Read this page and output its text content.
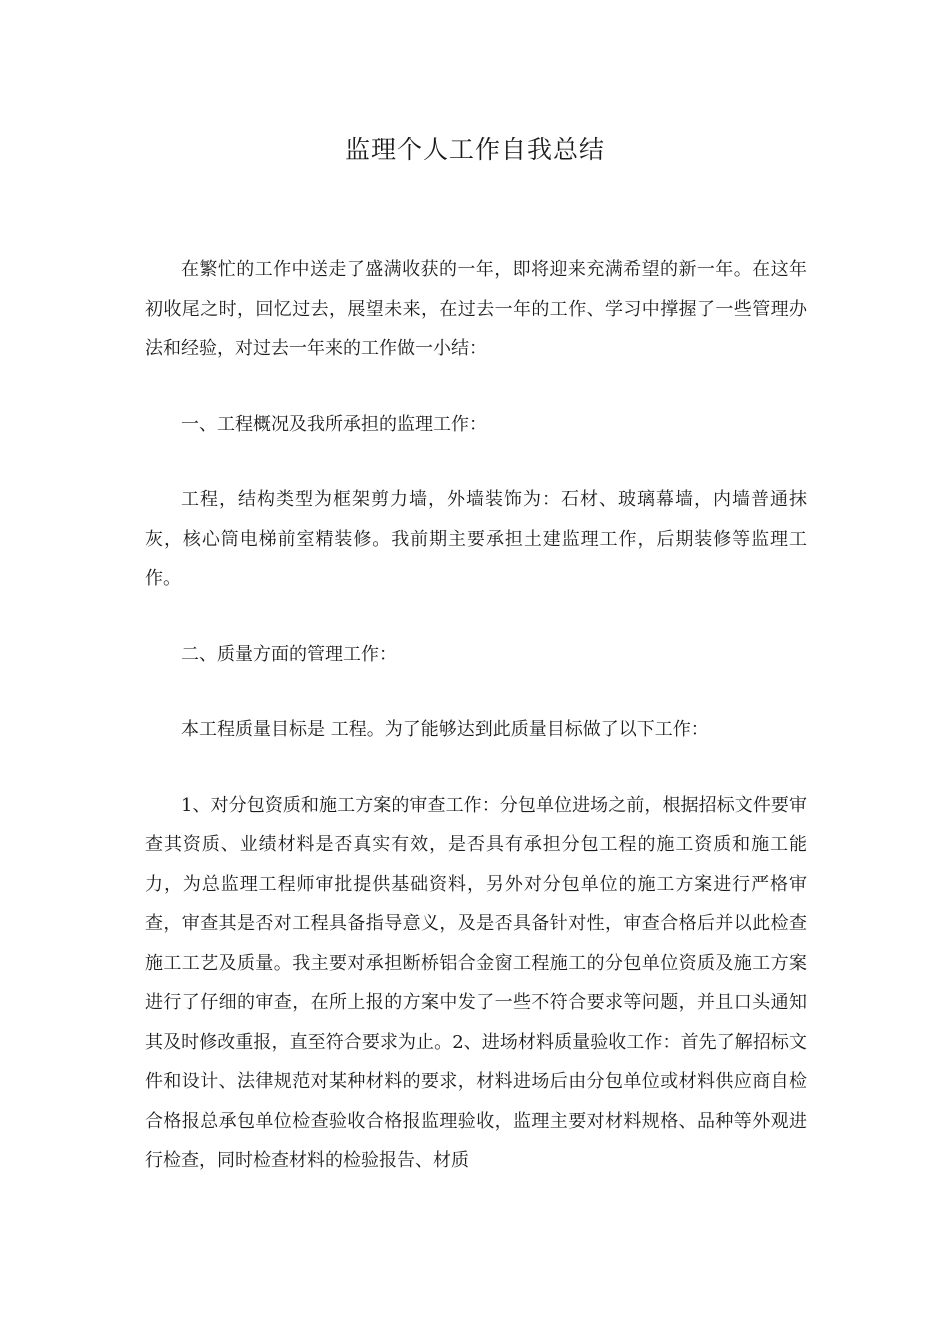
监理个人工作自我总结

在繁忙的工作中送走了盛满收获的一年，即将迎来充满希望的新一年。在这年初收尾之时，回忆过去，展望未来，在过去一年的工作、学习中撑握了一些管理办法和经验，对过去一年来的工作做一小结：

一、工程概况及我所承担的监理工作：

工程，结构类型为框架剪力墙，外墙装饰为：石材、玻璃幕墙，内墙普通抹灰，核心筒电梯前室精装修。我前期主要承担土建监理工作，后期装修等监理工作。

二、质量方面的管理工作：

本工程质量目标是 工程。为了能够达到此质量目标做了以下工作：

1、对分包资质和施工方案的审查工作：分包单位进场之前，根据招标文件要审查其资质、业绩材料是否真实有效，是否具有承担分包工程的施工资质和施工能力，为总监理工程师审批提供基础资料，另外对分包单位的施工方案进行严格审查，审查其是否对工程具备指导意义，及是否具备针对性，审查合格后并以此检查施工工艺及质量。我主要对承担断桥铝合金窗工程施工的分包单位资质及施工方案进行了仔细的审查，在所上报的方案中发了一些不符合要求等问题，并且口头通知其及时修改重报，直至符合要求为止。2、进场材料质量验收工作：首先了解招标文件和设计、法律规范对某种材料的要求，材料进场后由分包单位或材料供应商自检合格报总承包单位检查验收合格报监理验收，监理主要对材料规格、品种等外观进行检查，同时检查材料的检验报告、材质
